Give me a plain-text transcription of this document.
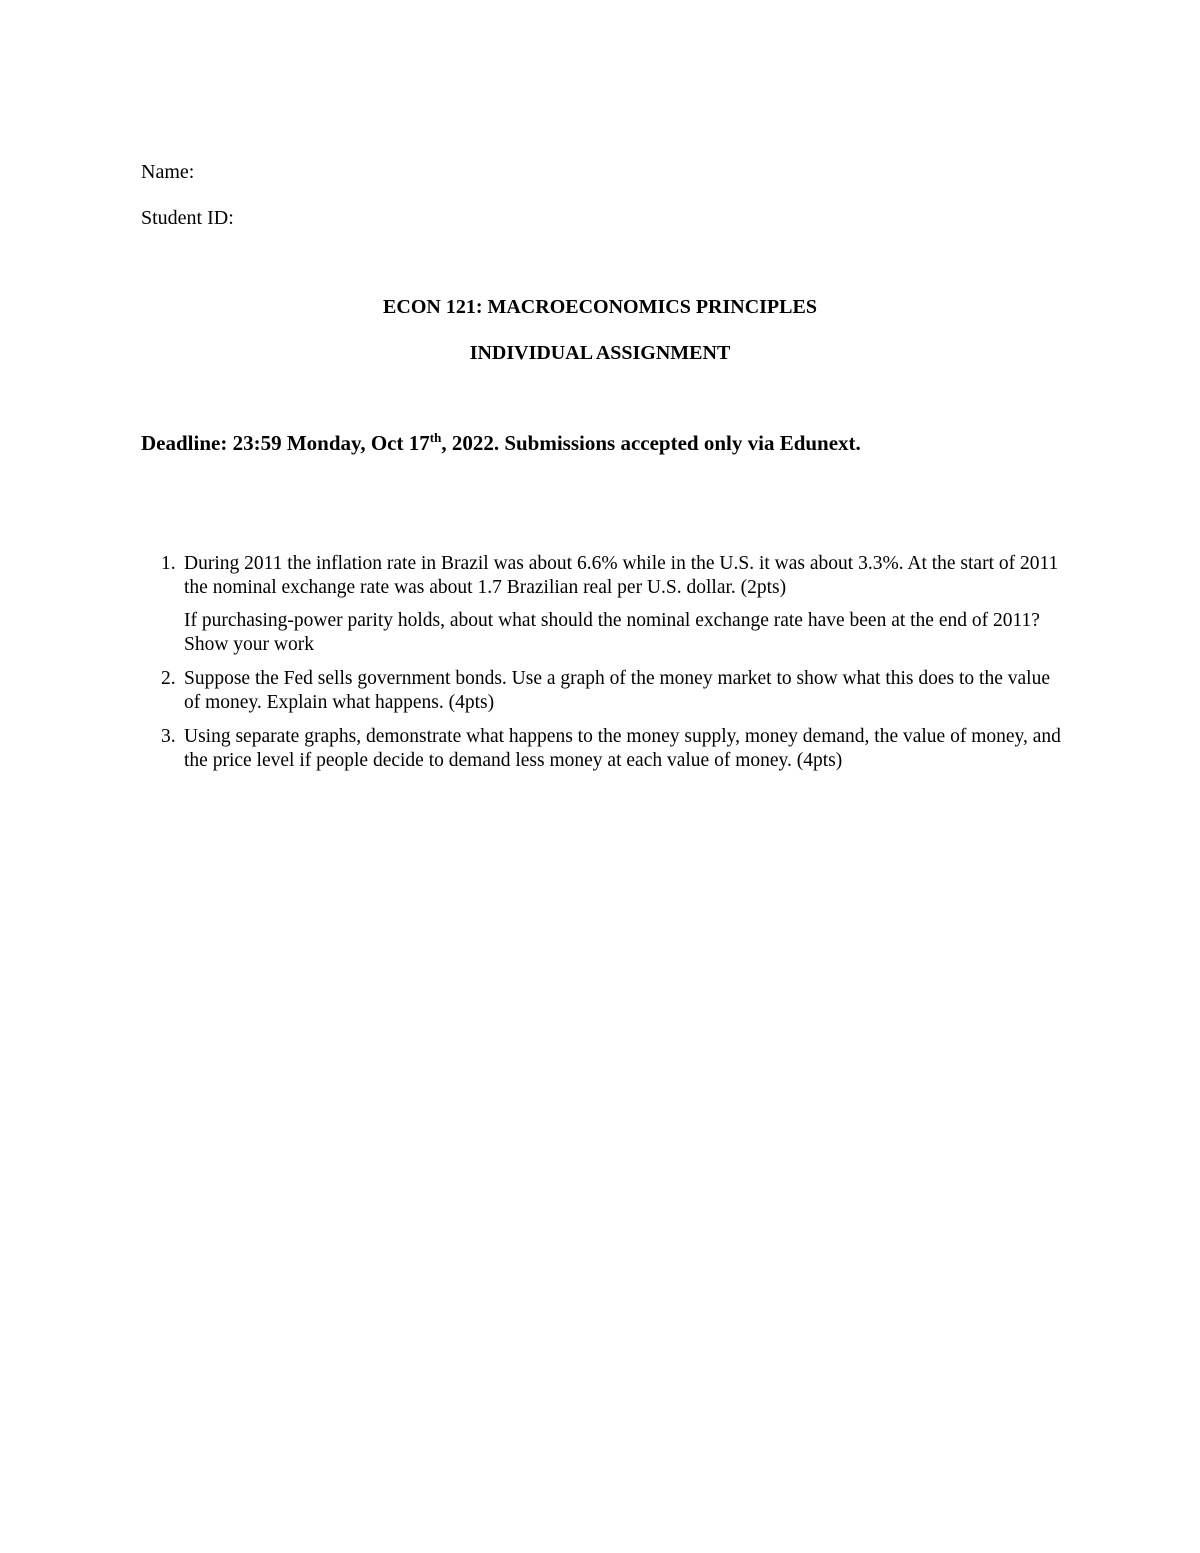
Name:
Student ID:
ECON 121: MACROECONOMICS PRINCIPLES
INDIVIDUAL ASSIGNMENT
Deadline: 23:59 Monday, Oct 17th, 2022. Submissions accepted only via Edunext.
1. During 2011 the inflation rate in Brazil was about 6.6% while in the U.S. it was about 3.3%. At the start of 2011 the nominal exchange rate was about 1.7 Brazilian real per U.S. dollar. (2pts)
If purchasing-power parity holds, about what should the nominal exchange rate have been at the end of 2011? Show your work
2. Suppose the Fed sells government bonds. Use a graph of the money market to show what this does to the value of money. Explain what happens. (4pts)
3. Using separate graphs, demonstrate what happens to the money supply, money demand, the value of money, and the price level if people decide to demand less money at each value of money. (4pts)
